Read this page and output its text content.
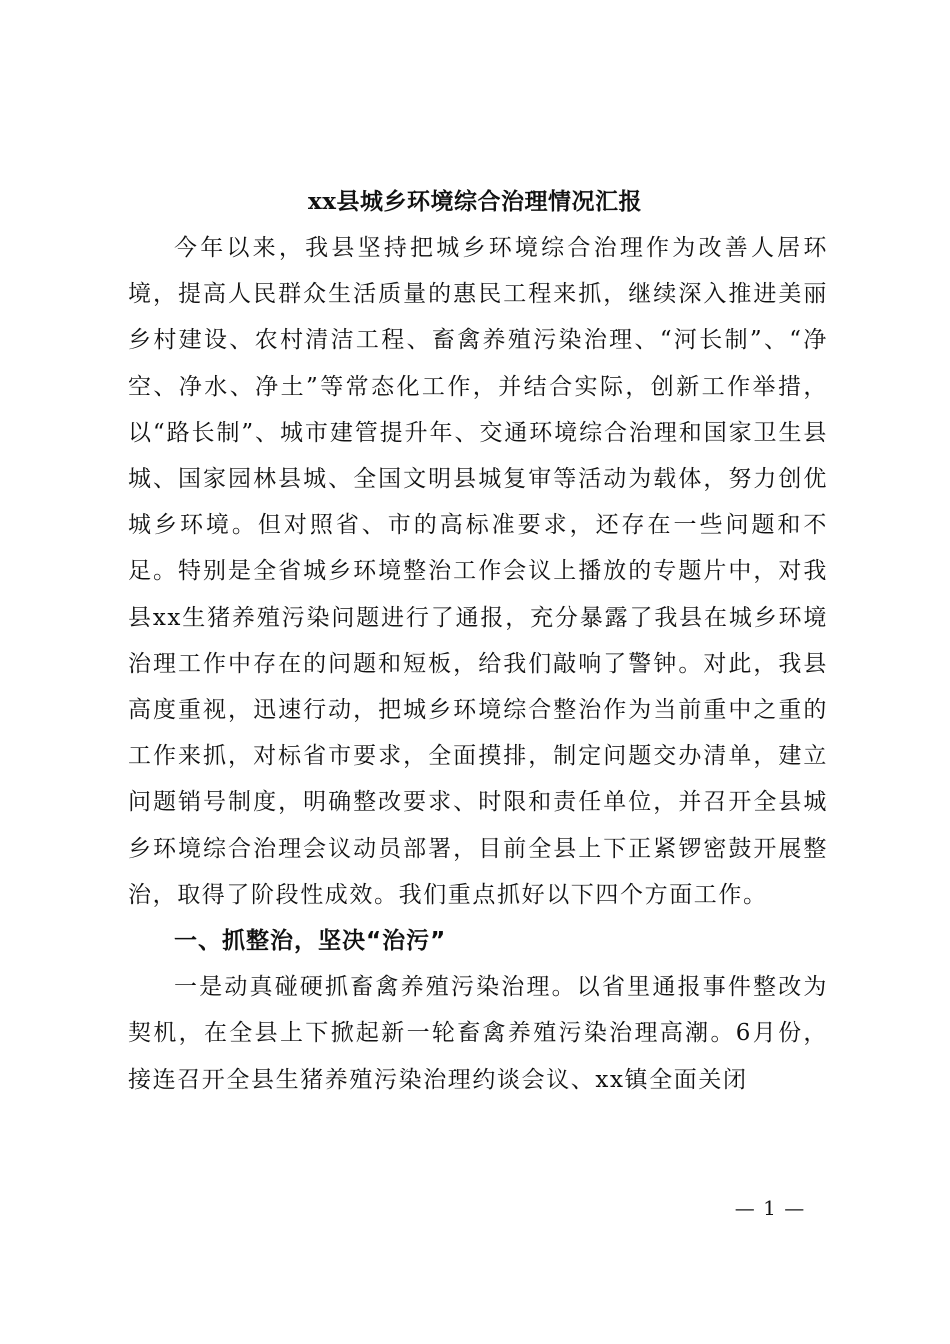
xx县城乡环境综合治理情况汇报

今年以来，我县坚持把城乡环境综合治理作为改善人居环境，提高人民群众生活质量的惠民工程来抓，继续深入推进美丽乡村建设、农村清洁工程、畜禽养殖污染治理、“河长制”、“净空、净水、净土”等常态化工作，并结合实际，创新工作举措，以“路长制”、城市建管提升年、交通环境综合治理和国家卫生县城、国家园林县城、全国文明县城复审等活动为载体，努力创优城乡环境。但对照省、市的高标准要求，还存在一些问题和不足。特别是全省城乡环境整治工作会议上播放的专题片中，对我县xx生猪养殖污染问题进行了通报，充分暴露了我县在城乡环境治理工作中存在的问题和短板，给我们敲响了警钟。对此，我县高度重视，迅速行动，把城乡环境综合整治作为当前重中之重的工作来抓，对标省市要求，全面摸排，制定问题交办清单，建立问题销号制度，明确整改要求、时限和责任单位，并召开全县城乡环境综合治理会议动员部署，目前全县上下正紧锣密鼓开展整治，取得了阶段性成效。我们重点抓好以下四个方面工作。

一、抓整治，坚决“治污”

一是动真碰硬抓畜禽养殖污染治理。以省里通报事件整改为契机，在全县上下掀起新一轮畜禽养殖污染治理高潮。6月份，接连召开全县生猪养殖污染治理约谈会议、xx镇全面关闭

— 1 —
